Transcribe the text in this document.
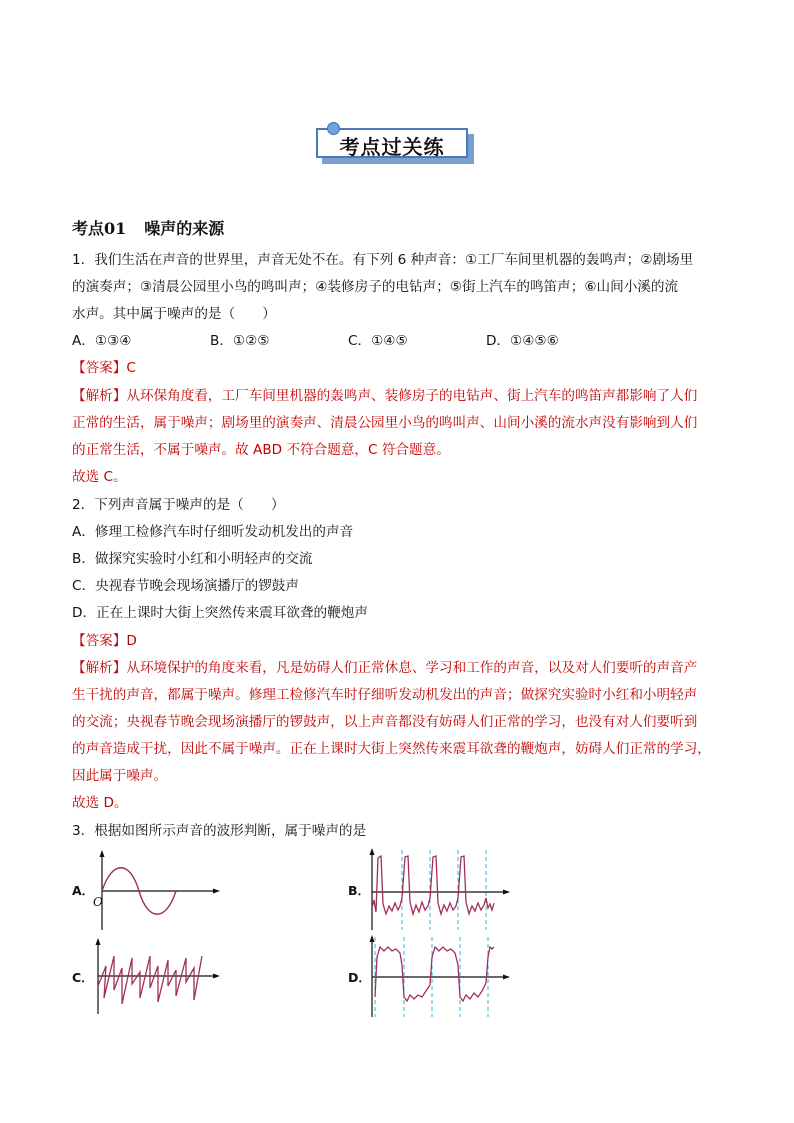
考点过关练
考点01 噪声的来源
1．我们生活在声音的世界里，声音无处不在。有下列 6 种声音：①工厂车间里机器的轰鸣声；②剧场里
的演奏声；③清晨公园里小鸟的鸣叫声；④装修房子的电钻声；⑤街上汽车的鸣笛声；⑥山间小溪的流
水声。其中属于噪声的是（　　）
A．①③④	B．①②⑤	C．①④⑤	D．①④⑤⑥
【答案】C
【解析】从环保角度看，工厂车间里机器的轰鸣声、装修房子的电钻声、街上汽车的鸣笛声都影响了人们
正常的生活，属于噪声；剧场里的演奏声、清晨公园里小鸟的鸣叫声、山间小溪的流水声没有影响到人们
的正常生活，不属于噪声。故 ABD 不符合题意，C 符合题意。
故选 C。
2．下列声音属于噪声的是（　　）
A．修理工检修汽车时仔细听发动机发出的声音
B．做探究实验时小红和小明轻声的交流
C．央视春节晚会现场演播厅的锣鼓声
D．正在上课时大街上突然传来震耳欲聋的鞭炮声
【答案】D
【解析】从环境保护的角度来看，凡是妨碍人们正常休息、学习和工作的声音，以及对人们要听的声音产
生干扰的声音，都属于噪声。修理工检修汽车时仔细听发动机发出的声音；做探究实验时小红和小明轻声
的交流；央视春节晚会现场演播厅的锣鼓声，以上声音都没有妨碍人们正常的学习，也没有对人们要听到
的声音造成干扰，因此不属于噪声。正在上课时大街上突然传来震耳欲聋的鞭炮声，妨碍人们正常的学习，
因此属于噪声。
故选 D。
3．根据如图所示声音的波形判断，属于噪声的是
A．
O
B．
C．	D．
